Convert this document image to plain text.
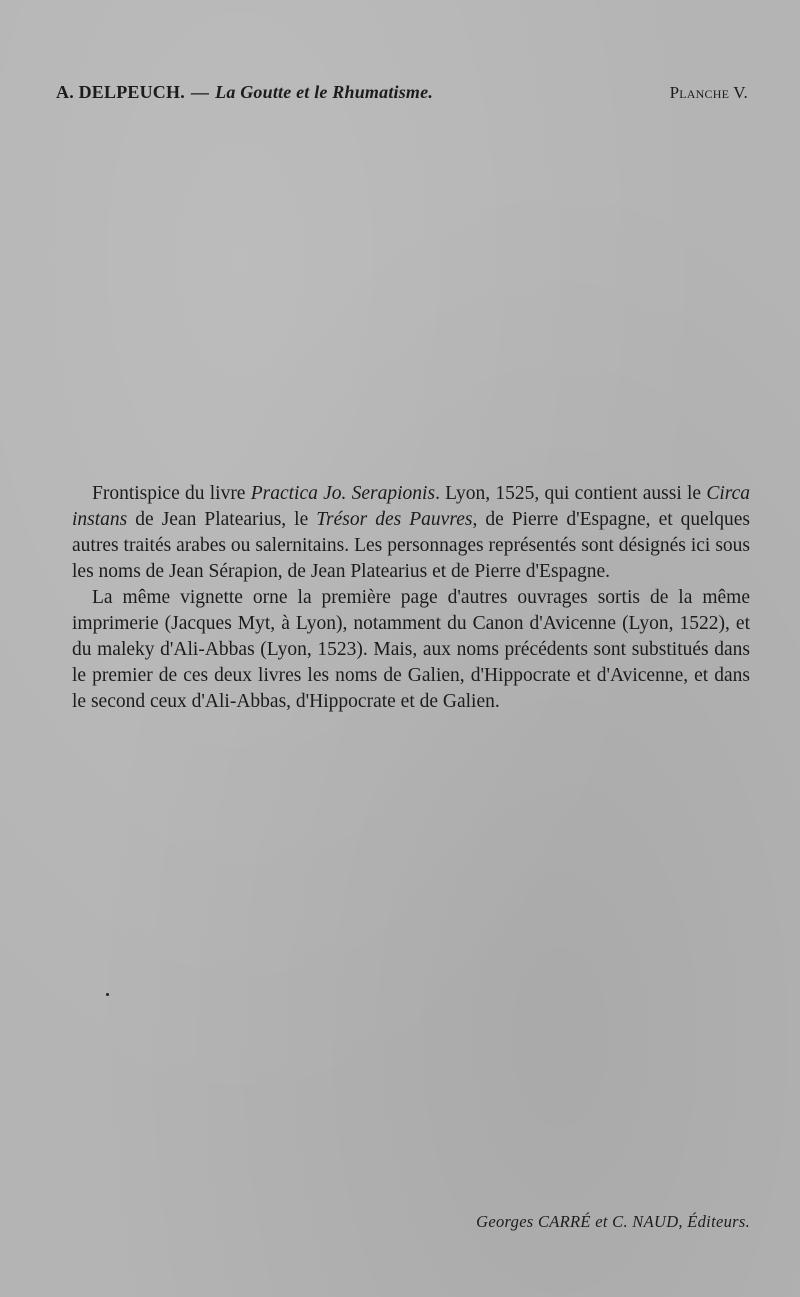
A. DELPEUCH. — La Goutte et le Rhumatisme.	Planche V.

Frontispice du livre Practica Jo. Serapionis. Lyon, 1525, qui contient aussi le Circa instans de Jean Platearius, le Trésor des Pauvres, de Pierre d'Espagne, et quelques autres traités arabes ou salernitains. Les personnages représentés sont désignés ici sous les noms de Jean Sérapion, de Jean Platearius et de Pierre d'Espagne.

La même vignette orne la première page d'autres ouvrages sortis de la même imprimerie (Jacques Myt, à Lyon), notamment du Canon d'Avicenne (Lyon, 1522), et du maleky d'Ali-Abbas (Lyon, 1523). Mais, aux noms précédents sont substitués dans le premier de ces deux livres les noms de Galien, d'Hippocrate et d'Avicenne, et dans le second ceux d'Ali-Abbas, d'Hippocrate et de Galien.

Georges CARRÉ et C. NAUD, Éditeurs.
